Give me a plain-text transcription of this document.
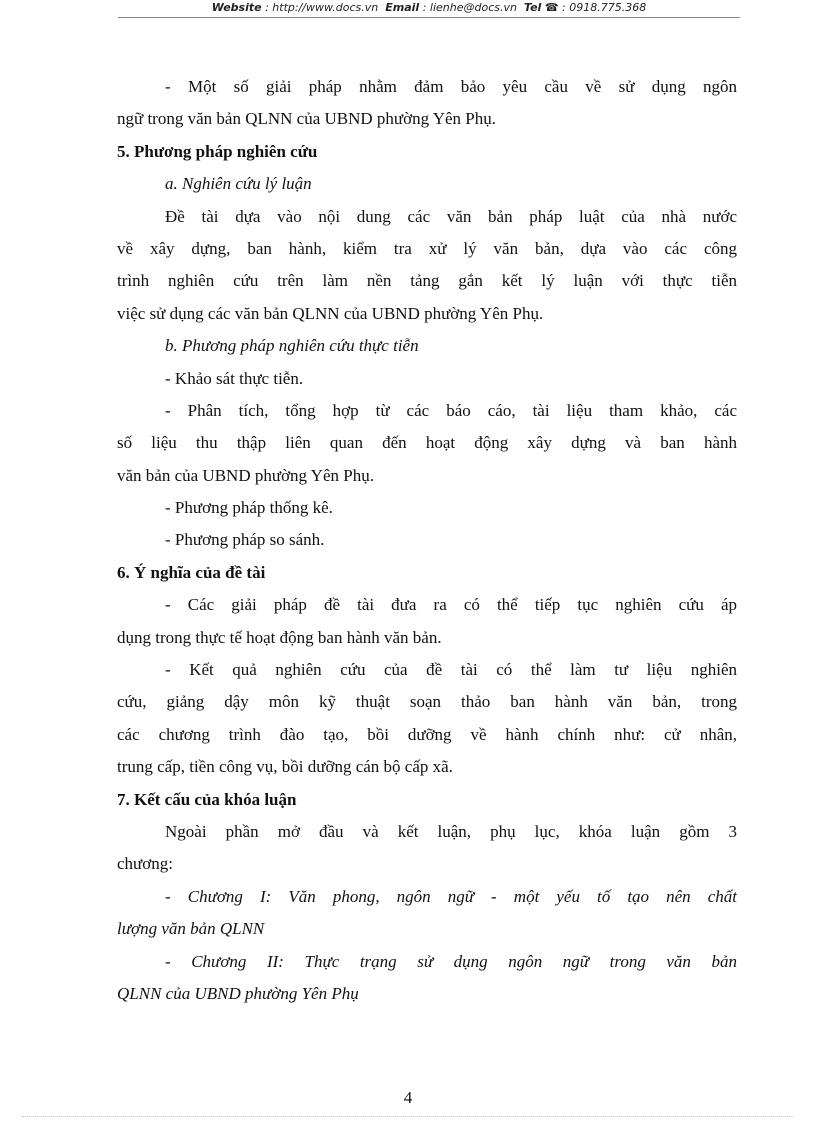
Website : http://www.docs.vn Email : lienhe@docs.vn Tel ☎ : 0918.775.368
- Một số giải pháp nhằm đảm bảo yêu cầu về sử dụng ngôn
ngữ trong văn bản QLNN của UBND phường Yên Phụ.
5. Phương pháp nghiên cứu
a. Nghiên cứu lý luận
Đề tài dựa vào nội dung các văn bản pháp luật của nhà nước
về xây dựng, ban hành, kiểm tra xử lý văn bản, dựa vào các công
trình nghiên cứu trên làm nền tảng gắn kết lý luận với thực tiễn
việc sử dụng các văn bản QLNN của UBND phường Yên Phụ.
b. Phương pháp nghiên cứu thực tiễn
- Khảo sát thực tiễn.
- Phân tích, tổng hợp từ các báo cáo, tài liệu tham khảo, các
số liệu thu thập liên quan đến hoạt động xây dựng và ban hành
văn bản của UBND phường Yên Phụ.
- Phương pháp thống kê.
- Phương pháp so sánh.
6. Ý nghĩa của đề tài
- Các giải pháp đề tài đưa ra có thể tiếp tục nghiên cứu áp
dụng trong thực tế hoạt động ban hành văn bản.
- Kết quả nghiên cứu của đề tài có thể làm tư liệu nghiên
cứu, giảng dậy môn kỹ thuật soạn thảo ban hành văn bản, trong
các chương trình đào tạo, bồi dưỡng về hành chính như: cử nhân,
trung cấp, tiền công vụ, bồi dưỡng cán bộ cấp xã.
7. Kết cấu của khóa luận
Ngoài phần mở đầu và kết luận, phụ lục, khóa luận gồm 3
chương:
- Chương I: Văn phong, ngôn ngữ - một yếu tố tạo nên chất
lượng văn bản QLNN
- Chương II: Thực trạng sử dụng ngôn ngữ trong văn bản
QLNN của UBND phường Yên Phụ
4
